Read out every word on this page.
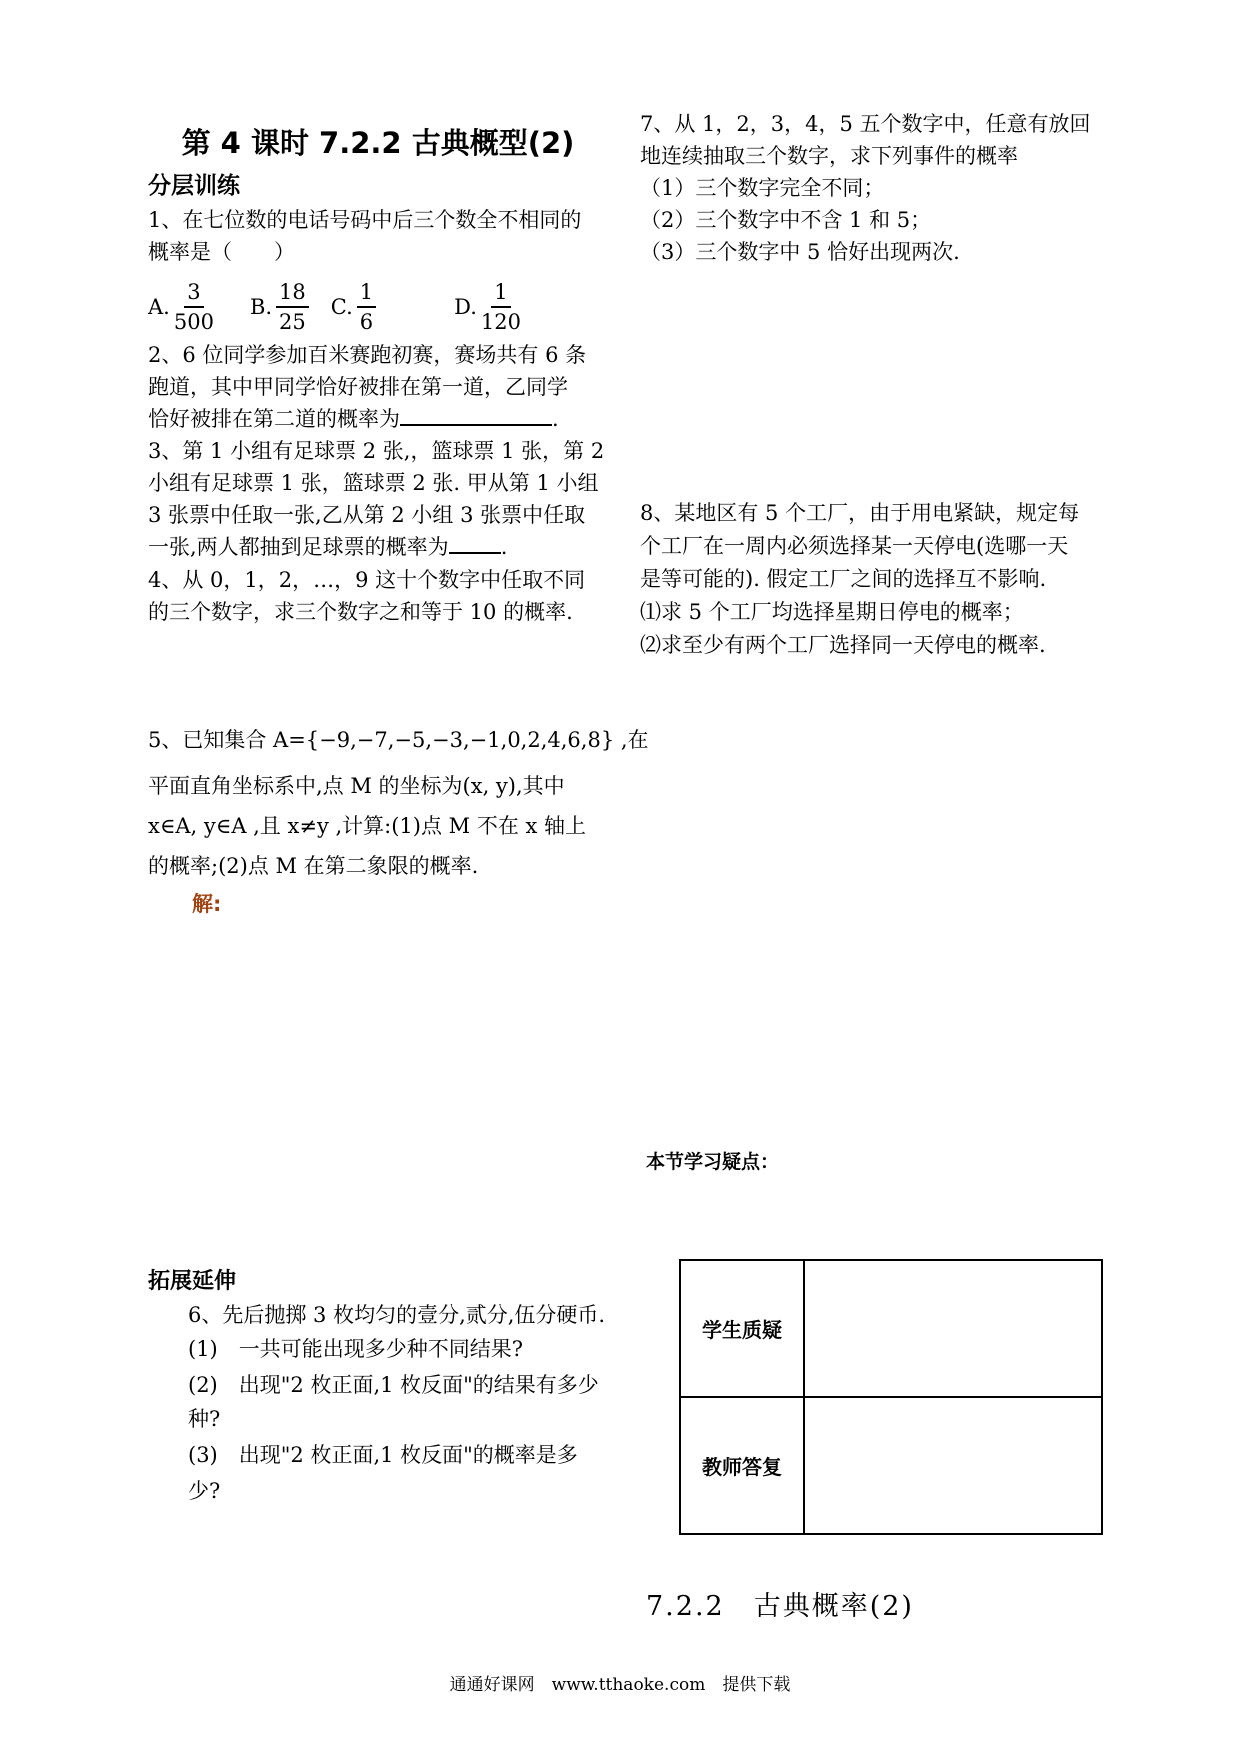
第 4 课时 7.2.2 古典概型(2)
分层训练
1、在七位数的电话号码中后三个数全不相同的
概率是（　　）
A. $\frac{3}{500} B$. $\frac{18}{25} C$. $\frac{1}{6}$	D. $\frac{1}{120}$
2、6 位同学参加百米赛跑初赛，赛场共有 6 条
跑道，其中甲同学恰好被排在第一道，乙同学
恰好被排在第二道的概率为	.
3、第 1 小组有足球票 2 张,，篮球票 1 张，第 2
小组有足球票 1 张，篮球票 2 张. 甲从第 1 小组
3 张票中任取一张,乙从第 2 小组 3 张票中任取
一张,两人都抽到足球票的概率为 .
4、从 0，1，2，…，9 这十个数字中任取不同
的三个数字，求三个数字之和等于 10 的概率.
5、已知集合 A={−9,−7,−5,−3,−1,0,2,4,6,8} ,在
平面直角坐标系中,点 M 的坐标为(x, y),其中
x∈A, y∈A ,且 x≠y ,计算:(1)点 M 不在 x 轴上
的概率;(2)点 M 在第二象限的概率.
解:
拓展延伸
6、先后抛掷 3 枚均匀的壹分,贰分,伍分硬币.
(1)　一共可能出现多少种不同结果?
(2)　出现"2 枚正面,1 枚反面"的结果有多少
种?
(3)　出现"2 枚正面,1 枚反面"的概率是多
少?
7、从 1，2，3，4，5 五个数字中，任意有放回
地连续抽取三个数字，求下列事件的概率
（1）三个数字完全不同；
（2）三个数字中不含 1 和 5；
（3）三个数字中 5 恰好出现两次.
8、某地区有 5 个工厂，由于用电紧缺，规定每
个工厂在一周内必须选择某一天停电(选哪一天
是等可能的). 假定工厂之间的选择互不影响.
⑴求 5 个工厂均选择星期日停电的概率；
⑵求至少有两个工厂选择同一天停电的概率.
本节学习疑点：
学生质疑	
教师答复	
7.2.2　古典概率(2)
通通好课网　www.tthaoke.com　提供下载
